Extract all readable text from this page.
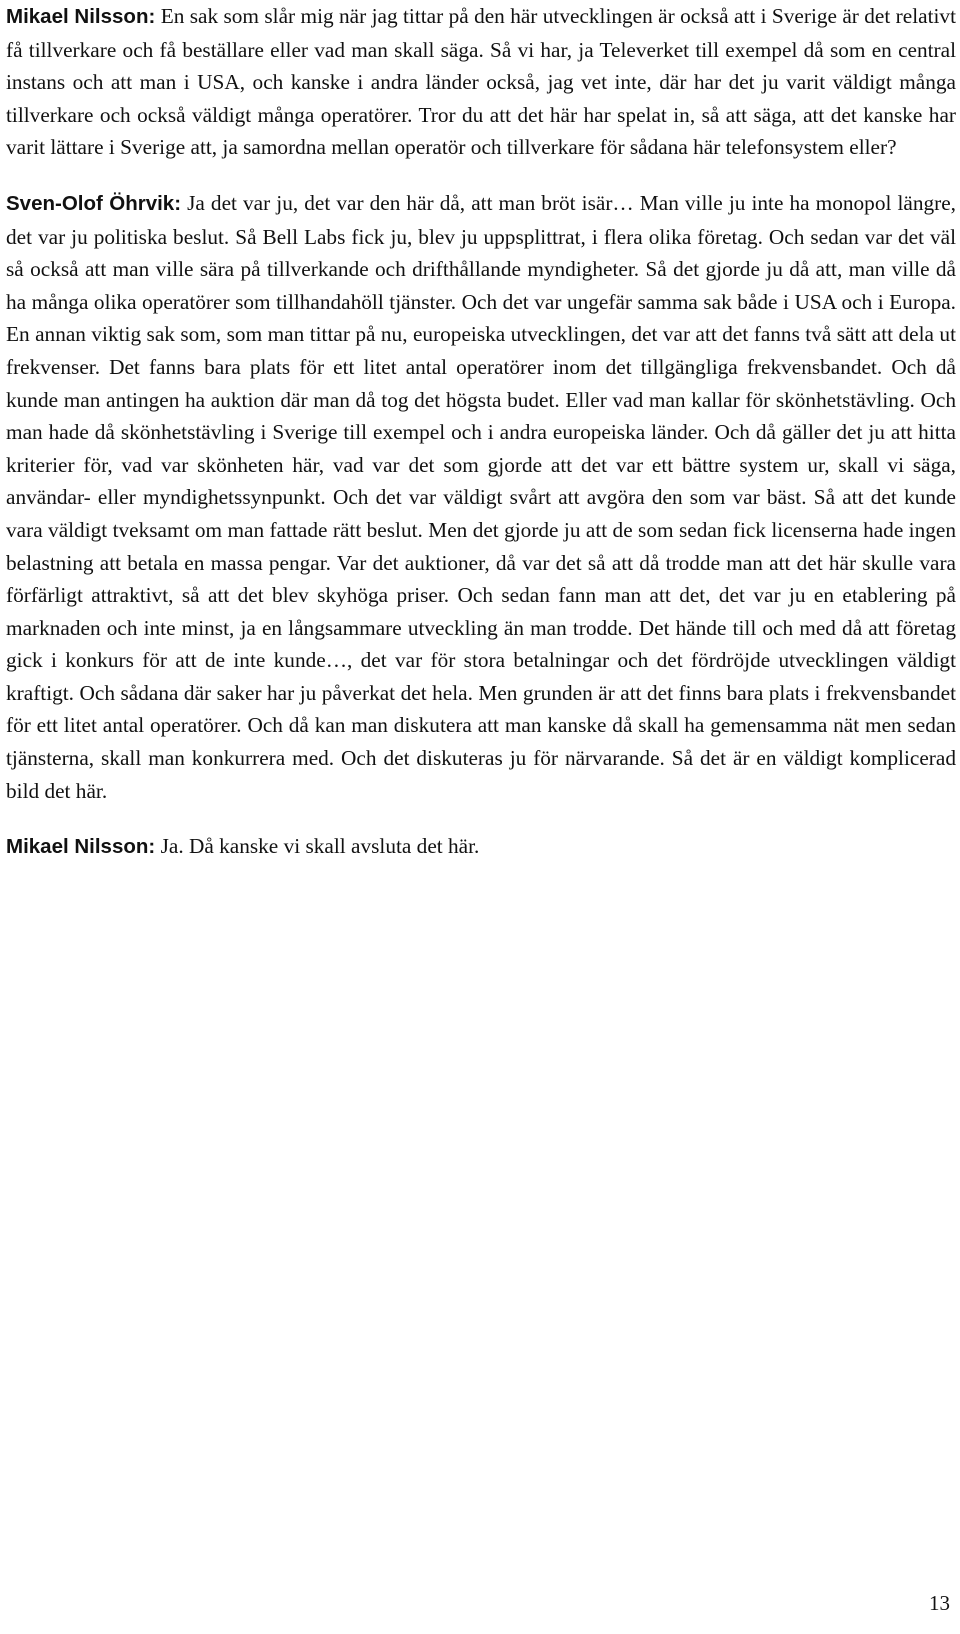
Mikael Nilsson: En sak som slår mig när jag tittar på den här utvecklingen är också att i Sverige är det relativt få tillverkare och få beställare eller vad man skall säga. Så vi har, ja Televerket till exempel då som en central instans och att man i USA, och kanske i andra länder också, jag vet inte, där har det ju varit väldigt många tillverkare och också väldigt många operatörer. Tror du att det här har spelat in, så att säga, att det kanske har varit lättare i Sverige att, ja samordna mellan operatör och tillverkare för sådana här telefonsystem eller?

Sven-Olof Öhrvik: Ja det var ju, det var den här då, att man bröt isär… Man ville ju inte ha monopol längre, det var ju politiska beslut. Så Bell Labs fick ju, blev ju uppsplittrat, i flera olika företag. Och sedan var det väl så också att man ville sära på tillverkande och drifthållande myndigheter. Så det gjorde ju då att, man ville då ha många olika operatörer som tillhandahöll tjänster. Och det var ungefär samma sak både i USA och i Europa. En annan viktig sak som, som man tittar på nu, europeiska utvecklingen, det var att det fanns två sätt att dela ut frekvenser. Det fanns bara plats för ett litet antal operatörer inom det tillgängliga frekvensbandet. Och då kunde man antingen ha auktion där man då tog det högsta budet. Eller vad man kallar för skönhetstävling. Och man hade då skönhetstävling i Sverige till exempel och i andra europeiska länder. Och då gäller det ju att hitta kriterier för, vad var skönheten här, vad var det som gjorde att det var ett bättre system ur, skall vi säga, användar- eller myndighetssynpunkt. Och det var väldigt svårt att avgöra den som var bäst. Så att det kunde vara väldigt tveksamt om man fattade rätt beslut. Men det gjorde ju att de som sedan fick licenserna hade ingen belastning att betala en massa pengar. Var det auktioner, då var det så att då trodde man att det här skulle vara förfärligt attraktivt, så att det blev skyhöga priser. Och sedan fann man att det, det var ju en etablering på marknaden och inte minst, ja en långsammare utveckling än man trodde. Det hände till och med då att företag gick i konkurs för att de inte kunde…, det var för stora betalningar och det fördröjde utvecklingen väldigt kraftigt. Och sådana där saker har ju påverkat det hela. Men grunden är att det finns bara plats i frekvensbandet för ett litet antal operatörer. Och då kan man diskutera att man kanske då skall ha gemensamma nät men sedan tjänsterna, skall man konkurrera med. Och det diskuteras ju för närvarande. Så det är en väldigt komplicerad bild det här.

Mikael Nilsson: Ja. Då kanske vi skall avsluta det här.

13
